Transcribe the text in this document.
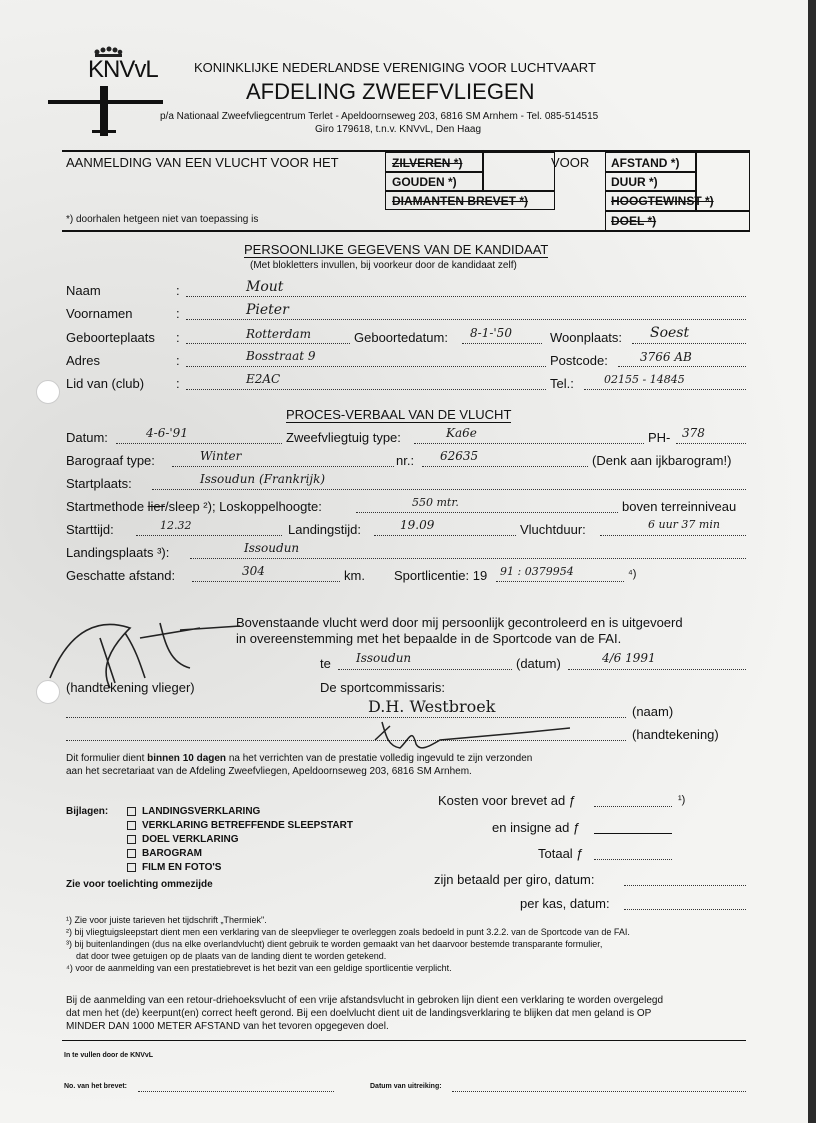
KNVvL	KONINKLIJKE NEDERLANDSE VERENIGING VOOR LUCHTVAART
AFDELING ZWEEFVLIEGEN
p/a Nationaal Zweefvliegcentrum Terlet - Apeldoornseweg 203, 6816 SM Arnhem - Tel. 085-514515
Giro 179618, t.n.v. KNVvL, Den Haag
AANMELDING VAN EEN VLUCHT VOOR HET	ZILVEREN *)
GOUDEN *)
DIAMANTEN BREVET *)
VOOR AFSTAND *)
DUUR *)
HOOGTEWINST *)
DOEL *)
*) doorhalen hetgeen niet van toepassing is
PERSOONLIJKE GEGEVENS VAN DE KANDIDAAT
(Met blokletters invullen, bij voorkeur door de kandidaat zelf)
Naam	:	Mout
Voornamen	:	Pieter
Geboorteplaats :	Rotterdam	Geboortedatum: 8-1-'50	Woonplaats: Soest
Adres	:	Bosstraat 9	Postcode:	3766 AB
Lid van (club) :	E2AC	Tel.:	02155 - 14845
PROCES-VERBAAL VAN DE VLUCHT
Datum:	4-6-'91	Zweefvliegtuig type:	Ka6e	PH- 378
Barograaf type:	Winter	nr.: 62635	(Denk aan ijkbarogram!)
Startplaats:	Issoudun (Frankrijk)
Startmethode lier/sleep ²); Loskoppelhoogte:	550 mtr.	boven terreinniveau
Starttijd:	12.32	Landingstijd:	19.09	Vluchtduur:	6 uur 37 min
Landingsplaats ³):	Issoudun
Geschatte afstand:	304	km. Sportlicentie: 19 91 : 0379954	⁴)
Bovenstaande vlucht werd door mij persoonlijk gecontroleerd en is uitgevoerd
in overeenstemming met het bepaalde in de Sportcode van de FAI.
te Issoudun	(datum)	4/6 1991
(handtekening vlieger)	De sportcommissaris:
D.H. Westbroek	(naam)
(handtekening)
Dit formulier dient binnen 10 dagen na het verrichten van de prestatie volledig ingevuld te zijn verzonden
aan het secretariaat van de Afdeling Zweefvliegen, Apeldoornseweg 203, 6816 SM Arnhem.
Bijlagen:	LANDINGSVERKLARING
VERKLARING BETREFFENDE SLEEPSTART
DOEL VERKLARING
BAROGRAM
FILM EN FOTO'S
Zie voor toelichting ommezijde
Kosten voor brevet ad ƒ	¹)
en insigne ad ƒ
Totaal ƒ
zijn betaald per giro, datum:
per kas, datum:
¹) Zie voor juiste tarieven het tijdschrift „Thermiek".
²) bij vliegtuigsleepstart dient men een verklaring van de sleepvlieger te overleggen zoals bedoeld in punt 3.2.2. van de Sportcode van de FAI.
³) bij buitenlandingen (dus na elke overlandvlucht) dient gebruik te worden gemaakt van het daarvoor bestemde transparante formulier,
dat door twee getuigen op de plaats van de landing dient te worden getekend.
⁴) voor de aanmelding van een prestatiebrevet is het bezit van een geldige sportlicentie verplicht.
Bij de aanmelding van een retour-driehoeksvlucht of een vrije afstandsvlucht in gebroken lijn dient een verklaring te worden overgelegd
dat men het (de) keerpunt(en) correct heeft gerond. Bij een doelvlucht dient uit de landingsverklaring te blijken dat men geland is OP
MINDER DAN 1000 METER AFSTAND van het tevoren opgegeven doel.
In te vullen door de KNVvL
No. van het brevet:	Datum van uitreiking:
